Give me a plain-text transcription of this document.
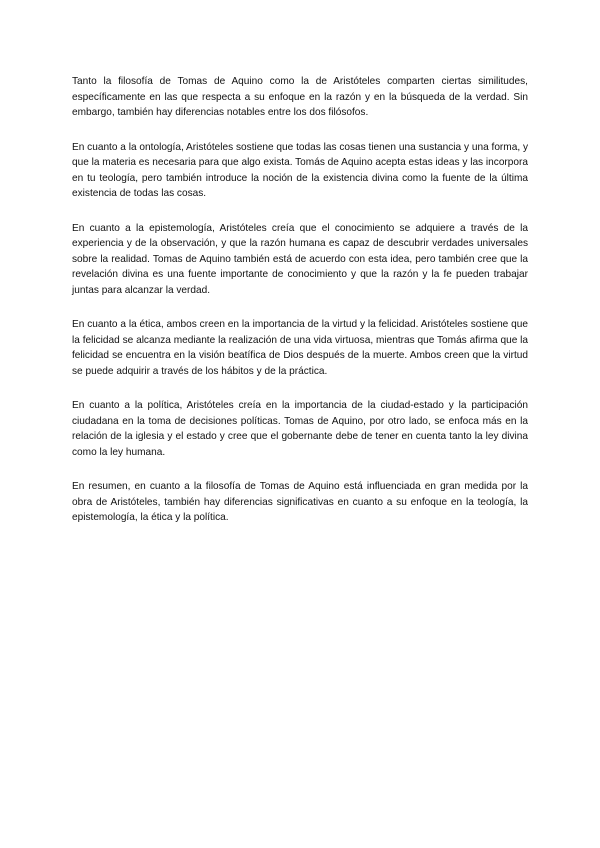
Tanto la filosofía de Tomas de Aquino como la de Aristóteles comparten ciertas similitudes, específicamente en las que respecta a su enfoque en la razón y en la búsqueda de la verdad. Sin embargo, también hay diferencias notables entre los dos filósofos.

En cuanto a la ontología, Aristóteles sostiene que todas las cosas tienen una sustancia y una forma, y que la materia es necesaria para que algo exista. Tomás de Aquino acepta estas ideas y las incorpora en tu teología, pero también introduce la noción de la existencia divina como la fuente de la última existencia de todas las cosas.

En cuanto a la epistemología, Aristóteles creía que el conocimiento se adquiere a través de la experiencia y de la observación, y que la razón humana es capaz de descubrir verdades universales sobre la realidad. Tomas de Aquino también está de acuerdo con esta idea, pero también cree que la revelación divina es una fuente importante de conocimiento y que la razón y la fe pueden trabajar juntas para alcanzar la verdad.

En cuanto a la ética, ambos creen en la importancia de la virtud y la felicidad. Aristóteles sostiene que la felicidad se alcanza mediante la realización de una vida virtuosa, mientras que Tomás afirma que la felicidad se encuentra en la visión beatífica de Dios después de la muerte. Ambos creen que la virtud se puede adquirir a través de los hábitos y de la práctica.

En cuanto a la política, Aristóteles creía en la importancia de la ciudad-estado y la participación ciudadana en la toma de decisiones políticas. Tomas de Aquino, por otro lado, se enfoca más en la relación de la iglesia y el estado y cree que el gobernante debe de tener en cuenta tanto la ley divina como la ley humana.

En resumen, en cuanto a la filosofía de Tomas de Aquino está influenciada en gran medida por la obra de Aristóteles, también hay diferencias significativas en cuanto a su enfoque en la teología, la epistemología, la ética y la política.
